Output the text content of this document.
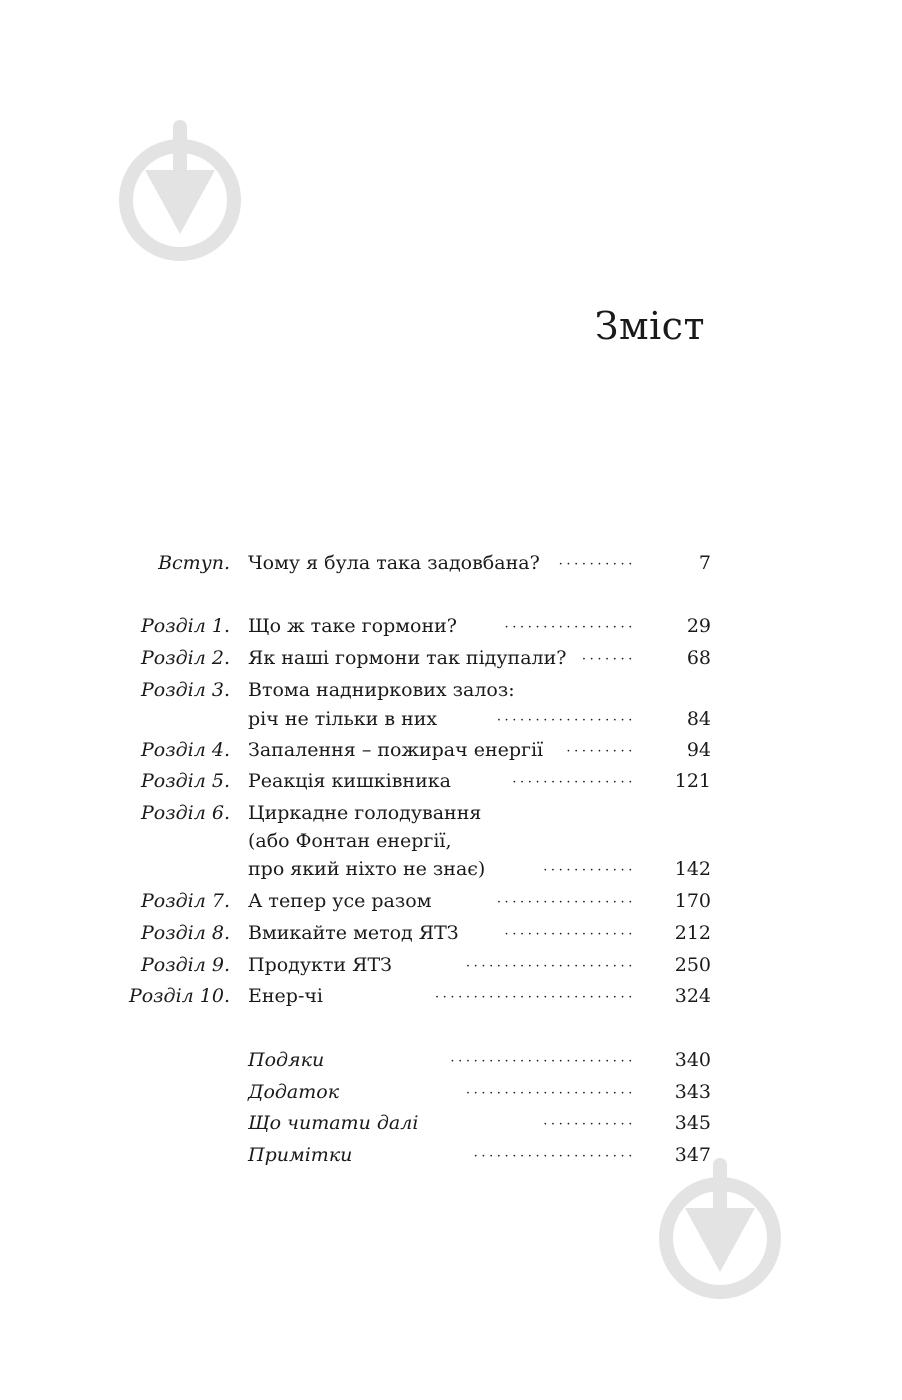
Зміст
Вступ. Чому я була така задовбана? ··········	7
Розділ 1. Що ж таке гормони?	·················	29
Розділ 2. Як наші гормони так підупали? ·······	68
Розділ 3. Втома надниркових залоз:
річ не тільки в них	··················	84
Розділ 4. Запалення – пожирач енергії ·········	94
Розділ 5. Реакція кишківника	················ 121
Розділ 6. Циркадне голодування
(або Фонтан енергії,
про який ніхто не знає)	············ 142
Розділ 7. А тепер усе разом	·················· 170
Розділ 8. Вмикайте метод ЯТЗ	················· 212
Розділ 9. Продукти ЯТЗ	······················ 250
Розділ 10. Енер-чі	·························· 324
Подяки	························ 340
Додаток	······················ 343
Що читати далі	············ 345
Примітки	····················· 347
